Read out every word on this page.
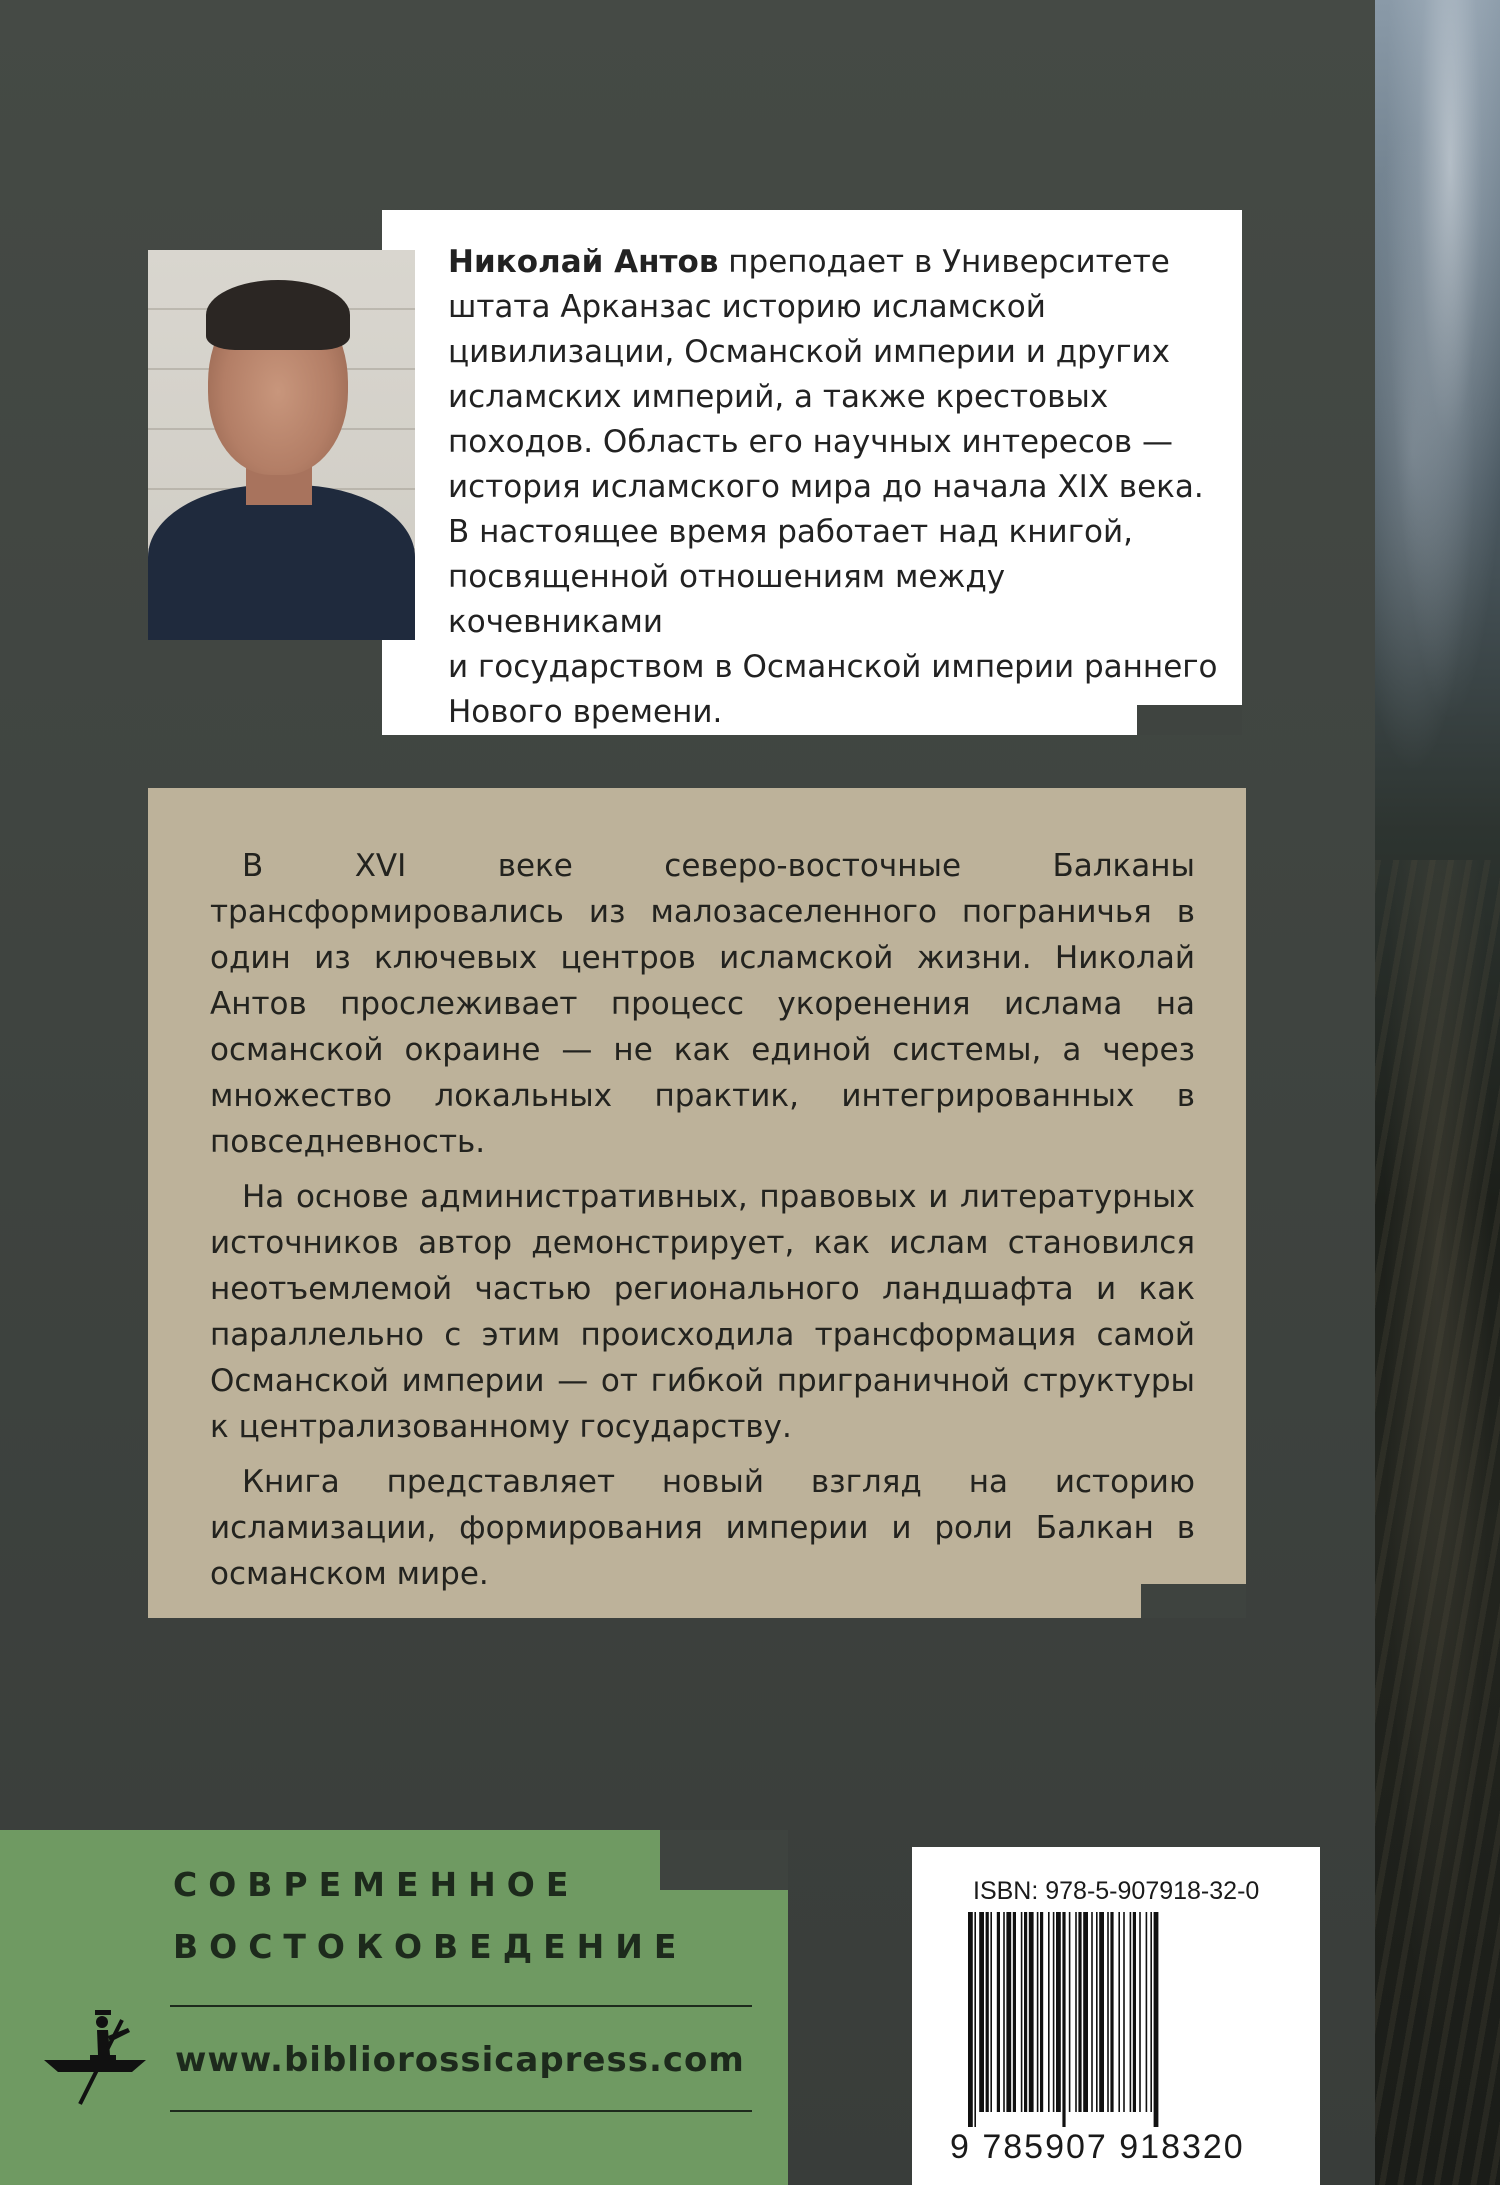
Николай Антов преподает в Университете
штата Арканзас историю исламской
цивилизации, Османской империи и других
исламских империй, а также крестовых
походов. Область его научных интересов —
история исламского мира до начала XIX века.
В настоящее время работает над книгой,
посвященной отношениям между кочевниками
и государством в Османской империи раннего
Нового времени.

В XVI веке северо-восточные Балканы трансформировались из малозаселенного пограничья в один из ключевых центров исламской жизни. Николай Антов прослеживает процесс укоренения ислама на османской окраине — не как единой системы, а через множество локальных практик, интегрированных в повседневность.

На основе административных, правовых и литературных источников автор демонстрирует, как ислам становился неотъемлемой частью регионального ландшафта и как параллельно с этим происходила трансформация самой Османской империи — от гибкой приграничной структуры к централизованному государству.

Книга представляет новый взгляд на историю исламизации, формирования империи и роли Балкан в османском мире.

СОВРЕМЕННОЕ
ВОСТОКОВЕДЕНИЕ
www.bibliorossicapress.com
ISBN: 978-5-907918-32-0
9 785907 918320
